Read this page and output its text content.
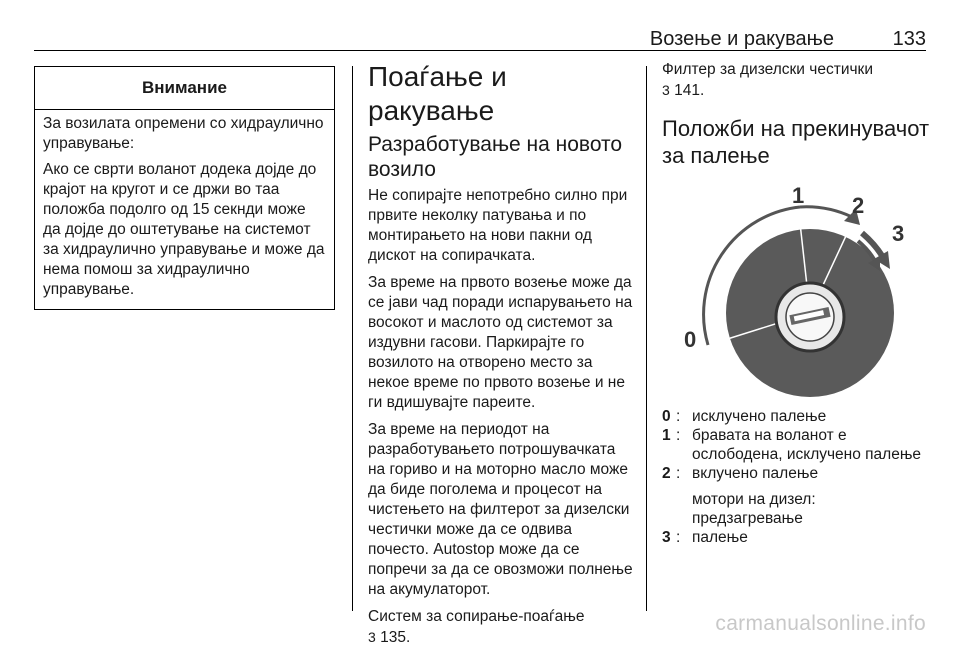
Возење и ракување	133
Внимание

За возилата опремени со хидраулично управување:

Ако се сврти воланот додека дојде до крајот на кругот и се држи во таа положба подолго од 15 секнди може да дојде до оштетување на системот за хидраулично управување и може да нема помош за хидраулично управување.

Поаѓање и ракување
Разработување на новото возило

Не сопирајте непотребно силно при првите неколку патувања и по монтирањето на нови пакни од дискот на сопирачката.

За време на првото возење може да се јави чад поради испарувањето на восокот и маслото од системот за издувни гасови. Паркирајте го возилото на отворено место за некое време по првото возење и не ги вдишувајте пареите.

За време на периодот на разработувањето потрошувачката на гориво и на моторно масло може да биде поголема и процесот на чистењето на филтерот за дизелски честички може да се одвива почесто. Autostop може да се попречи за да се овозможи полнење на акумулаторот.

Систем за сопирање-поаѓање
3 135.

Филтер за дизелски честички
3 141.

Положби на прекинувачот за палење
1 2
3
0
0 : исклучено палење
1 : бравата на воланот е ослободена, исклучено палење
2 : вклучено палење
мотори на дизел: предзагревање
3 : палење
carmanualsonline.info
